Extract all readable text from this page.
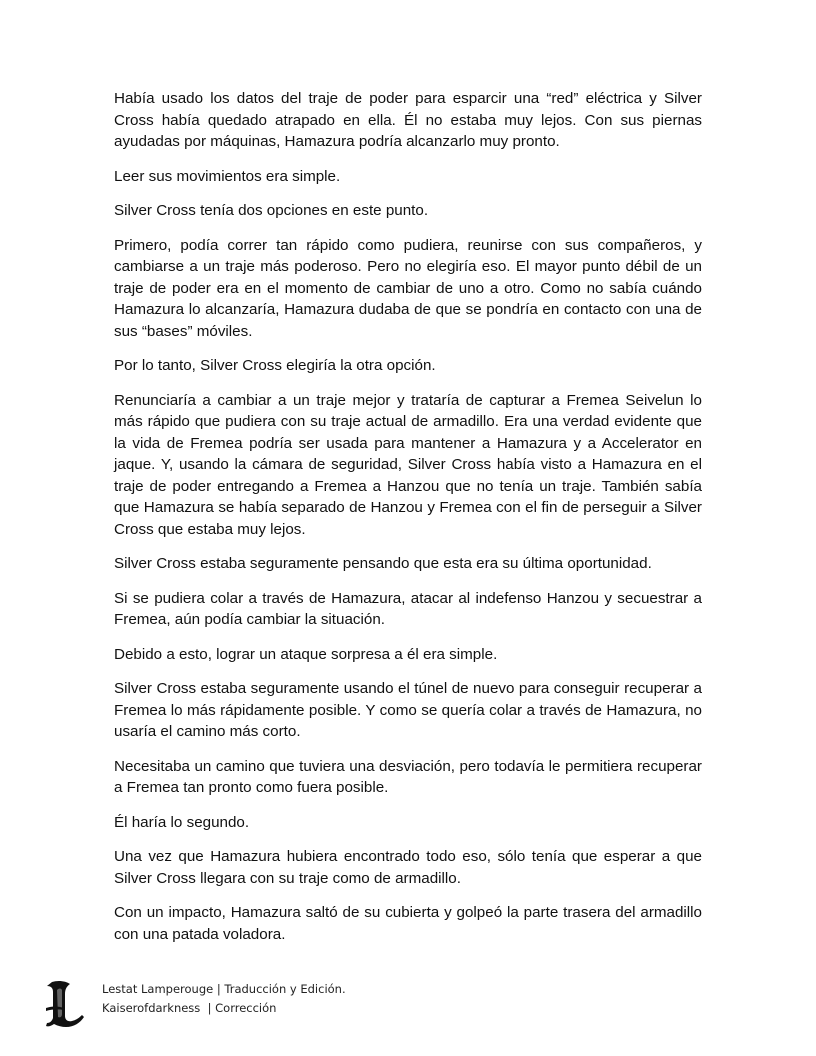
Había usado los datos del traje de poder para esparcir una “red” eléctrica y Silver Cross había quedado atrapado en ella. Él no estaba muy lejos. Con sus piernas ayudadas por máquinas, Hamazura podría alcanzarlo muy pronto.

Leer sus movimientos era simple.

Silver Cross tenía dos opciones en este punto.

Primero, podía correr tan rápido como pudiera, reunirse con sus compañeros, y cambiarse a un traje más poderoso. Pero no elegiría eso. El mayor punto débil de un traje de poder era en el momento de cambiar de uno a otro. Como no sabía cuándo Hamazura lo alcanzaría, Hamazura dudaba de que se pondría en contacto con una de sus “bases” móviles.

Por lo tanto, Silver Cross elegiría la otra opción.

Renunciaría a cambiar a un traje mejor y trataría de capturar a Fremea Seivelun lo más rápido que pudiera con su traje actual de armadillo. Era una verdad evidente que la vida de Fremea podría ser usada para mantener a Hamazura y a Accelerator en jaque. Y, usando la cámara de seguridad, Silver Cross había visto a Hamazura en el traje de poder entregando a Fremea a Hanzou que no tenía un traje. También sabía que Hamazura se había separado de Hanzou y Fremea con el fin de perseguir a Silver Cross que estaba muy lejos.

Silver Cross estaba seguramente pensando que esta era su última oportunidad.

Si se pudiera colar a través de Hamazura, atacar al indefenso Hanzou y secuestrar a Fremea, aún podía cambiar la situación.

Debido a esto, lograr un ataque sorpresa a él era simple.

Silver Cross estaba seguramente usando el túnel de nuevo para conseguir recuperar a Fremea lo más rápidamente posible. Y como se quería colar a través de Hamazura, no usaría el camino más corto.

Necesitaba un camino que tuviera una desviación, pero todavía le permitiera recuperar a Fremea tan pronto como fuera posible.

Él haría lo segundo.

Una vez que Hamazura hubiera encontrado todo eso, sólo tenía que esperar a que Silver Cross llegara con su traje como de armadillo.

Con un impacto, Hamazura saltó de su cubierta y golpeó la parte trasera del armadillo con una patada voladora.

Lestat Lamperouge | Traducción y Edición.
Kaiserofdarkness  | Corrección
